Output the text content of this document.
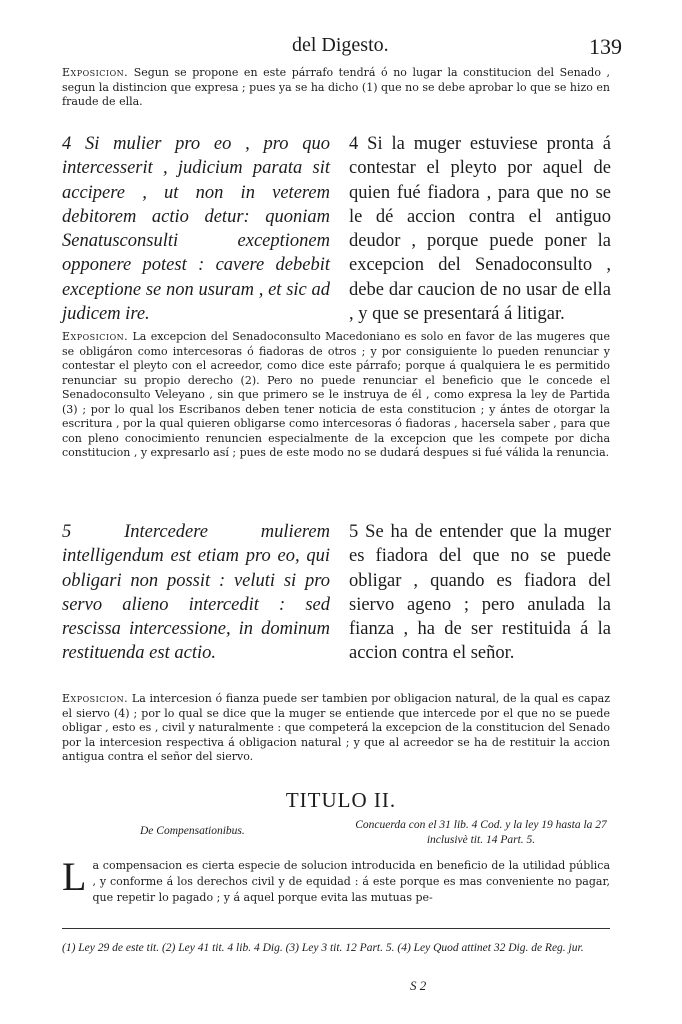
del Digesto.	139
Exposicion. Segun se propone en este párrafo tendrá ó no lugar la constitucion del Senado , segun la distincion que expresa ; pues ya se ha dicho (1) que no se debe aprobar lo que se hizo en fraude de ella.
4 Si mulier pro eo , pro quo intercesserit , judicium parata sit accipere , ut non in veterem debitorem actio detur: quoniam Senatusconsulti exceptionem opponere potest : cavere debebit exceptione se non usuram , et sic ad judicem ire.
4 Si la muger estuviese pronta á contestar el pleyto por aquel de quien fué fiadora , para que no se le dé accion contra el antiguo deudor , porque puede poner la excepcion del Senadoconsulto , debe dar caucion de no usar de ella , y que se presentará á litigar.
Exposicion. La excepcion del Senadoconsulto Macedoniano es solo en favor de las mugeres que se obligáron como intercesoras ó fiadoras de otros ; y por consiguiente lo pueden renunciar y contestar el pleyto con el acreedor, como dice este párrafo; porque á qualquiera le es permitido renunciar su propio derecho (2). Pero no puede renunciar el beneficio que le concede el Senadoconsulto Veleyano , sin que primero se le instruya de él , como expresa la ley de Partida (3) ; por lo qual los Escribanos deben tener noticia de esta constitucion ; y ántes de otorgar la escritura , por la qual quieren obligarse como intercesoras ó fiadoras , hacersela saber , para que con pleno conocimiento renuncien especialmente de la excepcion que les compete por dicha constitucion , y expresarlo así ; pues de este modo no se dudará despues si fué válida la renuncia.
5 Intercedere mulierem intelligendum est etiam pro eo, qui obligari non possit : veluti si pro servo alieno intercedit : sed rescissa intercessione, in dominum restituenda est actio.
5 Se ha de entender que la muger es fiadora del que no se puede obligar , quando es fiadora del siervo ageno ; pero anulada la fianza , ha de ser restituida á la accion contra el señor.
Exposicion. La intercesion ó fianza puede ser tambien por obligacion natural, de la qual es capaz el siervo (4) ; por lo qual se dice que la muger se entiende que intercede por el que no se puede obligar , esto es , civil y naturalmente : que competerá la excepcion de la constitucion del Senado por la intercesion respectiva á obligacion natural ; y que al acreedor se ha de restituir la accion antigua contra el señor del siervo.
TITULO II.
De Compensationibus.	Concuerda con el 31 lib. 4 Cod. y la ley 19 hasta la 27 inclusivè tit. 14 Part. 5.
L a compensacion es cierta especie de solucion introducida en beneficio de la utilidad pública , y conforme á los derechos civil y de equidad : á este porque es mas conveniente no pagar, que repetir lo pagado ; y á aquel porque evita las mutuas pe-
(1) Ley 29 de este tit. (2) Ley 41 tit. 4 lib. 4 Dig. (3) Ley 3 tit. 12 Part. 5. (4) Ley Quod attinet 32 Dig. de Reg. jur.
S 2
